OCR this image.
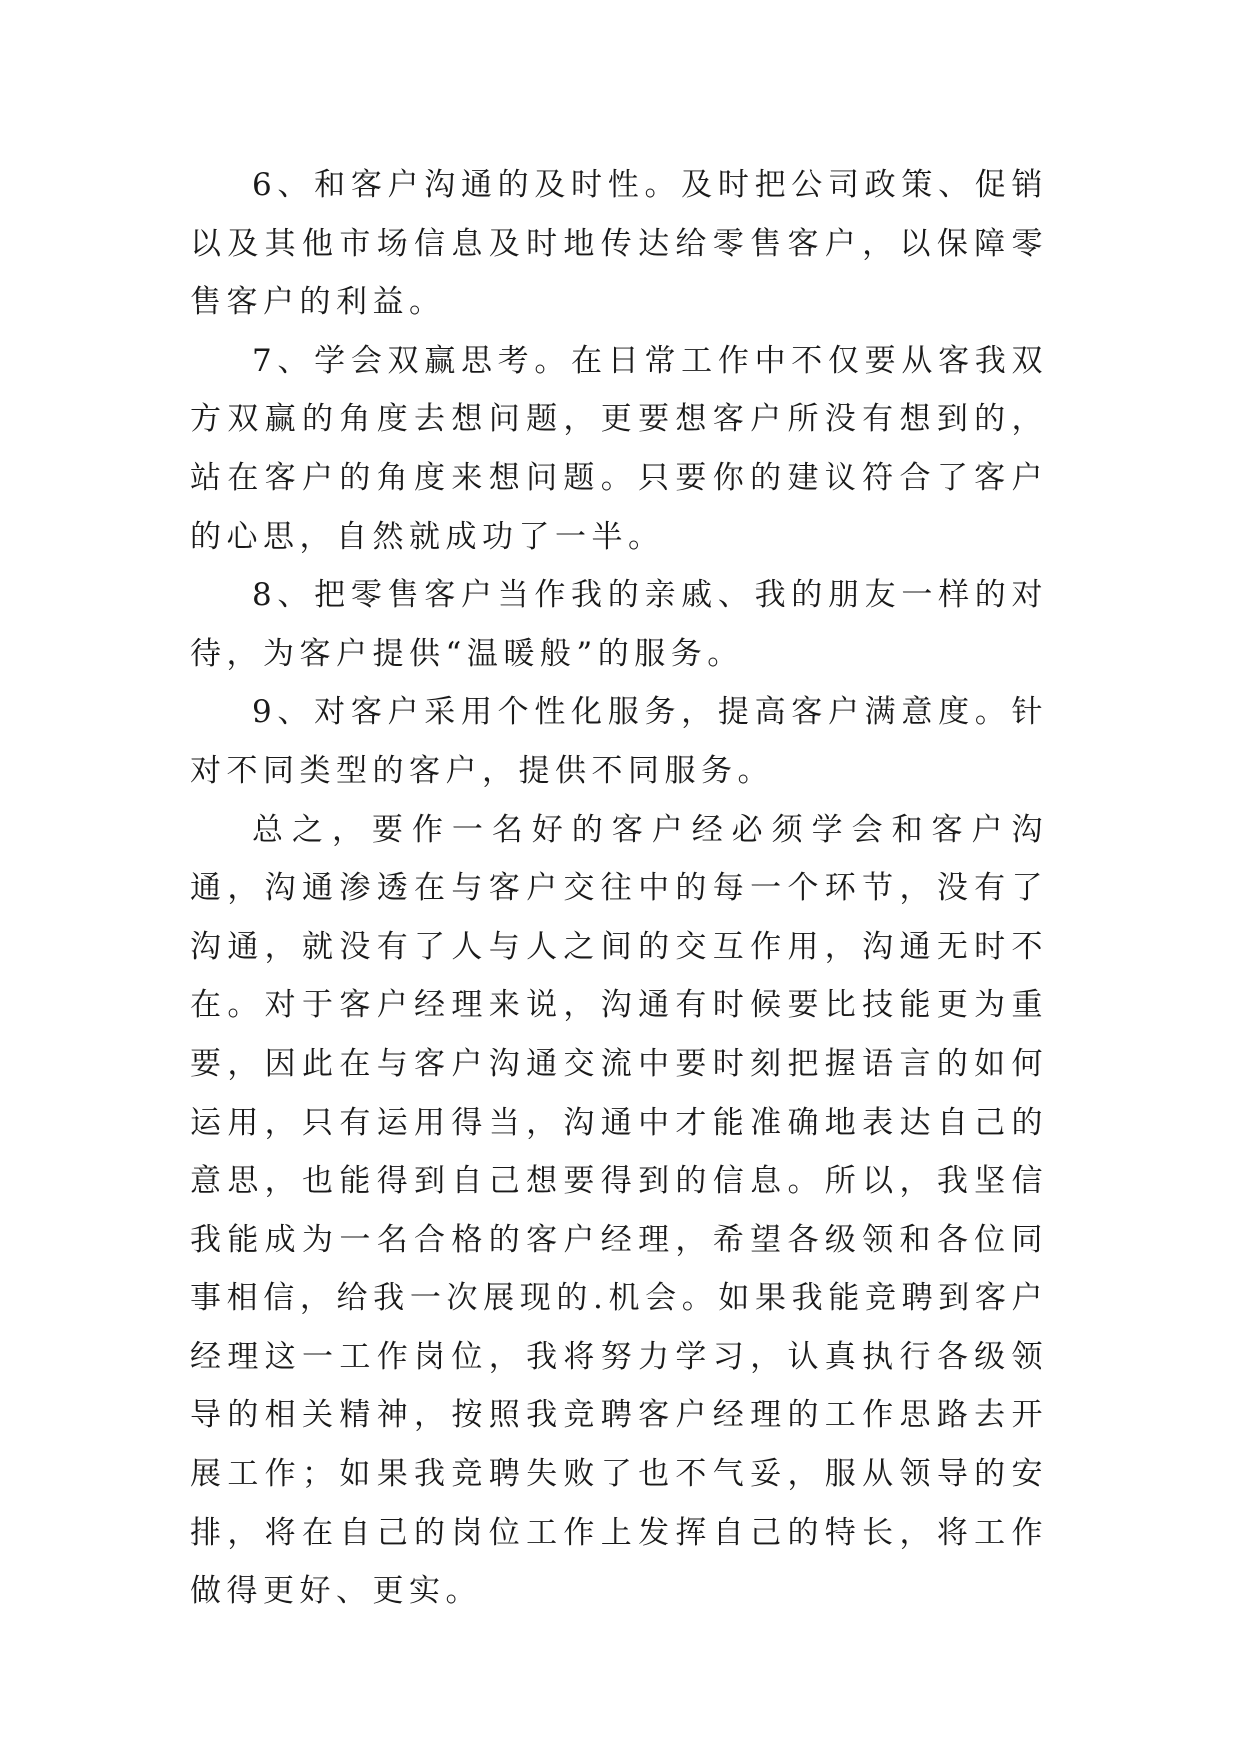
6、和客户沟通的及时性。及时把公司政策、促销以及其他市场信息及时地传达给零售客户，以保障零售客户的利益。

7、学会双赢思考。在日常工作中不仅要从客我双方双赢的角度去想问题，更要想客户所没有想到的，站在客户的角度来想问题。只要你的建议符合了客户的心思，自然就成功了一半。

8、把零售客户当作我的亲戚、我的朋友一样的对待，为客户提供“温暖般”的服务。

9、对客户采用个性化服务，提高客户满意度。针对不同类型的客户，提供不同服务。

总之，要作一名好的客户经必须学会和客户沟通，沟通渗透在与客户交往中的每一个环节，没有了沟通，就没有了人与人之间的交互作用，沟通无时不在。对于客户经理来说，沟通有时候要比技能更为重要，因此在与客户沟通交流中要时刻把握语言的如何运用，只有运用得当，沟通中才能准确地表达自己的意思，也能得到自己想要得到的信息。所以，我坚信我能成为一名合格的客户经理，希望各级领和各位同事相信，给我一次展现的.机会。如果我能竞聘到客户经理这一工作岗位，我将努力学习，认真执行各级领导的相关精神，按照我竞聘客户经理的工作思路去开展工作；如果我竞聘失败了也不气妥，服从领导的安排，将在自己的岗位工作上发挥自己的特长，将工作做得更好、更实。
